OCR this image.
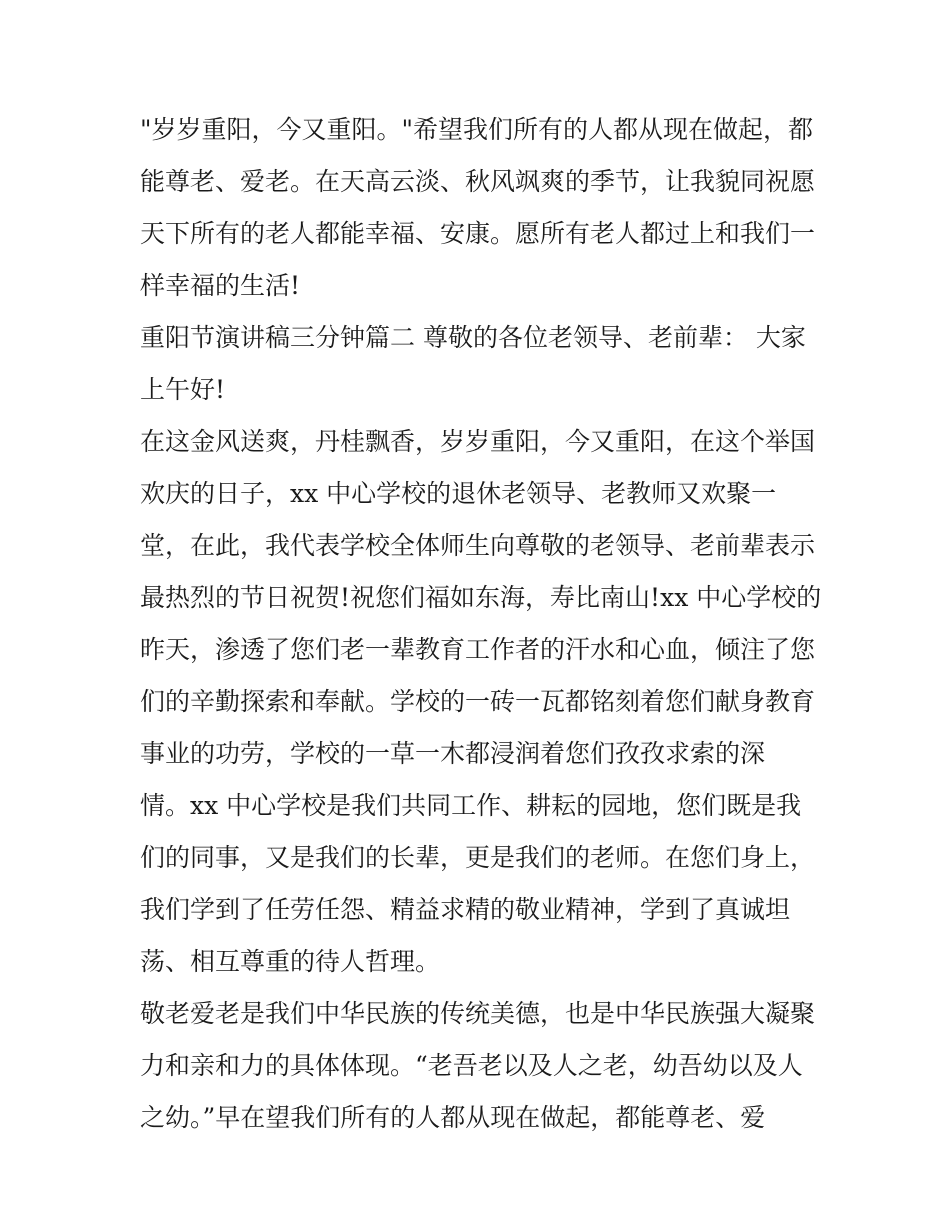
"岁岁重阳，今又重阳。"希望我们所有的人都从现在做起，都
能尊老、爱老。在天高云淡、秋风飒爽的季节，让我貌同祝愿
天下所有的老人都能幸福、安康。愿所有老人都过上和我们一
样幸福的生活!
重阳节演讲稿三分钟篇二 尊敬的各位老领导、老前辈： 大家
上午好!
在这金风送爽，丹桂飘香，岁岁重阳，今又重阳，在这个举国
欢庆的日子，xx 中心学校的退休老领导、老教师又欢聚一
堂，在此，我代表学校全体师生向尊敬的老领导、老前辈表示
最热烈的节日祝贺!祝您们福如东海，寿比南山!xx 中心学校的
昨天，渗透了您们老一辈教育工作者的汗水和心血，倾注了您
们的辛勤探索和奉献。学校的一砖一瓦都铭刻着您们献身教育
事业的功劳，学校的一草一木都浸润着您们孜孜求索的深
情。xx 中心学校是我们共同工作、耕耘的园地，您们既是我
们的同事，又是我们的长辈，更是我们的老师。在您们身上，
我们学到了任劳任怨、精益求精的敬业精神，学到了真诚坦
荡、相互尊重的待人哲理。
敬老爱老是我们中华民族的传统美德，也是中华民族强大凝聚
力和亲和力的具体体现。“老吾老以及人之老，幼吾幼以及人
之幼。”早在望我们所有的人都从现在做起，都能尊老、爱
